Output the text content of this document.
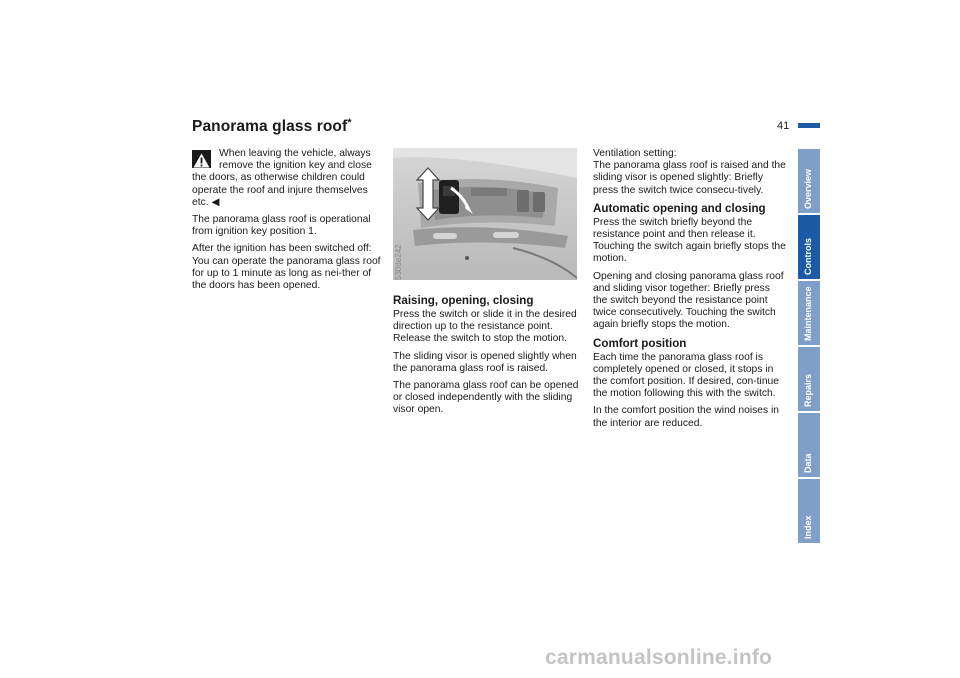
Panorama glass roof*	41

When leaving the vehicle, always remove the ignition key and close the doors, as otherwise children could operate the roof and injure themselves etc. ◀

The panorama glass roof is operational from ignition key position 1.

After the ignition has been switched off: You can operate the panorama glass roof for up to 1 minute as long as nei-ther of the doors has been opened.

530de242
Raising, opening, closing

Press the switch or slide it in the desired direction up to the resistance point.
Release the switch to stop the motion.

The sliding visor is opened slightly when the panorama glass roof is raised.

The panorama glass roof can be opened or closed independently with the sliding visor open.

Ventilation setting:
The panorama glass roof is raised and the sliding visor is opened slightly: Briefly press the switch twice consecu-tively.

Automatic opening and closing

Press the switch briefly beyond the resistance point and then release it. Touching the switch again briefly stops the motion.

Opening and closing panorama glass roof and sliding visor together: Briefly press the switch beyond the resistance point twice consecutively. Touching the switch again briefly stops the motion.

Comfort position

Each time the panorama glass roof is completely opened or closed, it stops in the comfort position. If desired, con-tinue the motion following this with the switch.

In the comfort position the wind noises in the interior are reduced.

Overview
Controls
Maintenance
Repairs
Data
Index
carmanualsonline.info
